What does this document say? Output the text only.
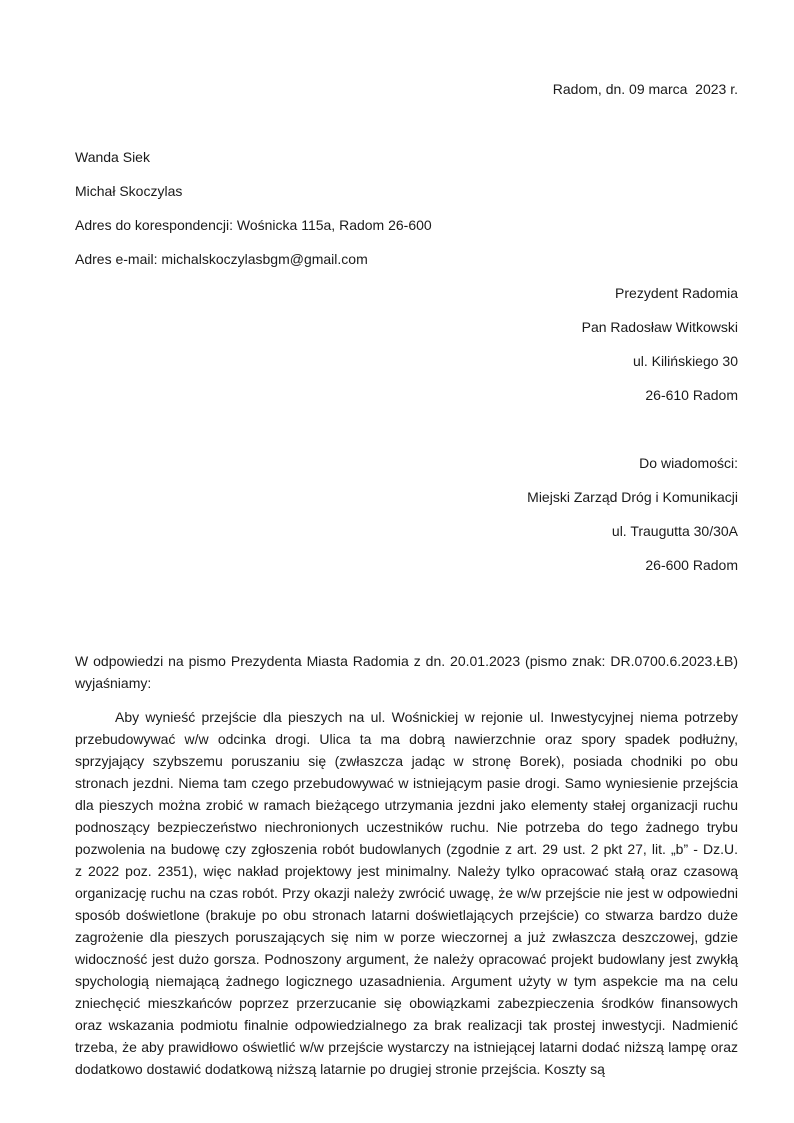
Radom, dn. 09 marca  2023 r.
Wanda Siek
Michał Skoczylas
Adres do korespondencji: Wośnicka 115a, Radom 26-600
Adres e-mail: michalskoczylasbgm@gmail.com
Prezydent Radomia
Pan Radosław Witkowski
ul. Kilińskiego 30
26-610 Radom
Do wiadomości:
Miejski Zarząd Dróg i Komunikacji
ul. Traugutta 30/30A
26-600 Radom

W odpowiedzi na pismo Prezydenta Miasta Radomia z dn. 20.01.2023 (pismo znak: DR.0700.6.2023.ŁB) wyjaśniamy:

Aby wynieść przejście dla pieszych na ul. Wośnickiej w rejonie ul. Inwestycyjnej niema potrzeby przebudowywać w/w odcinka drogi. Ulica ta ma dobrą nawierzchnie oraz spory spadek podłużny, sprzyjający szybszemu poruszaniu się (zwłaszcza jadąc w stronę Borek), posiada chodniki po obu stronach jezdni. Niema tam czego przebudowywać w istniejącym pasie drogi. Samo wyniesienie przejścia dla pieszych można zrobić w ramach bieżącego utrzymania jezdni jako elementy stałej organizacji ruchu podnoszący bezpieczeństwo niechronionych uczestników ruchu. Nie potrzeba do tego żadnego trybu pozwolenia na budowę czy zgłoszenia robót budowlanych (zgodnie z art. 29 ust. 2 pkt 27, lit. „b” - Dz.U. z 2022 poz. 2351), więc nakład projektowy jest minimalny. Należy tylko opracować stałą oraz czasową organizację ruchu na czas robót. Przy okazji należy zwrócić uwagę, że w/w przejście nie jest w odpowiedni sposób doświetlone (brakuje po obu stronach latarni doświetlających przejście) co stwarza bardzo duże zagrożenie dla pieszych poruszających się nim w porze wieczornej a już zwłaszcza deszczowej, gdzie widoczność jest dużo gorsza. Podnoszony argument, że należy opracować projekt budowlany jest zwykłą spychologią niemającą żadnego logicznego uzasadnienia. Argument użyty w tym aspekcie ma na celu zniechęcić mieszkańców poprzez przerzucanie się obowiązkami zabezpieczenia środków finansowych oraz wskazania podmiotu finalnie odpowiedzialnego za brak realizacji tak prostej inwestycji. Nadmienić trzeba, że aby prawidłowo oświetlić w/w przejście wystarczy na istniejącej latarni dodać niższą lampę oraz dodatkowo dostawić dodatkową niższą latarnie po drugiej stronie przejścia. Koszty są
